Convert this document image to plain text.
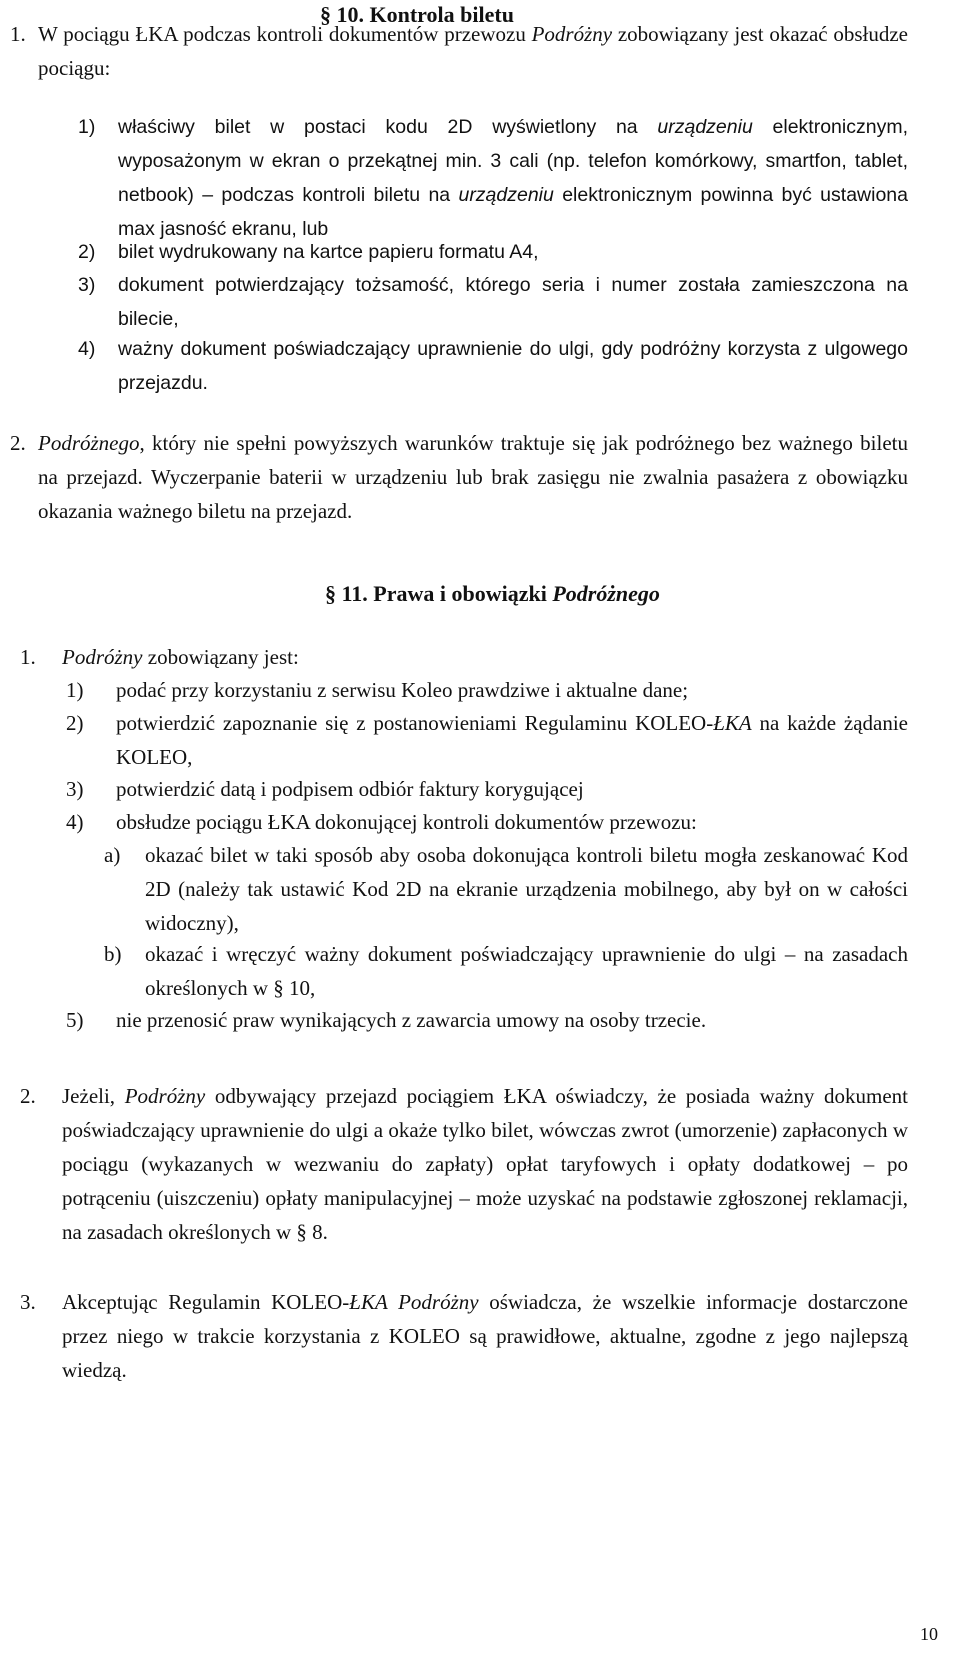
§ 10. Kontrola biletu
1. W pociągu ŁKA podczas kontroli dokumentów przewozu Podróżny zobowiązany jest okazać obsłudze pociągu:
1) właściwy bilet w postaci kodu 2D wyświetlony na urządzeniu elektronicznym, wyposażonym w ekran o przekątnej min. 3 cali (np. telefon komórkowy, smartfon, tablet, netbook) – podczas kontroli biletu na urządzeniu elektronicznym powinna być ustawiona max jasność ekranu, lub
2) bilet wydrukowany na kartce papieru formatu A4,
3) dokument potwierdzający tożsamość, którego seria i numer została zamieszczona na bilecie,
4) ważny dokument poświadczający uprawnienie do ulgi, gdy podróżny korzysta z ulgowego przejazdu.
2. Podróżnego, który nie spełni powyższych warunków traktuje się jak podróżnego bez ważnego biletu na przejazd. Wyczerpanie baterii w urządzeniu lub brak zasięgu nie zwalnia pasażera z obowiązku okazania ważnego biletu na przejazd.
§ 11. Prawa i obowiązki Podróżnego
1. Podróżny zobowiązany jest:
1) podać przy korzystaniu z serwisu Koleo prawdziwe i aktualne dane;
2) potwierdzić zapoznanie się z postanowieniami Regulaminu KOLEO-ŁKA na każde żądanie KOLEO,
3) potwierdzić datą i podpisem odbiór faktury korygującej
4) obsłudze pociągu ŁKA dokonującej kontroli dokumentów przewozu:
a) okazać bilet w taki sposób aby osoba dokonująca kontroli biletu mogła zeskanować Kod 2D (należy tak ustawić Kod 2D na ekranie urządzenia mobilnego, aby był on w całości widoczny),
b) okazać i wręczyć ważny dokument poświadczający uprawnienie do ulgi – na zasadach określonych w § 10,
5) nie przenosić praw wynikających z zawarcia umowy na osoby trzecie.
2. Jeżeli, Podróżny odbywający przejazd pociągiem ŁKA oświadczy, że posiada ważny dokument poświadczający uprawnienie do ulgi a okaże tylko bilet, wówczas zwrot (umorzenie) zapłaconych w pociągu (wykazanych w wezwaniu do zapłaty) opłat taryfowych i opłaty dodatkowej – po potrąceniu (uiszczeniu) opłaty manipulacyjnej – może uzyskać na podstawie zgłoszonej reklamacji, na zasadach określonych w § 8.
3. Akceptując Regulamin KOLEO-ŁKA Podróżny oświadcza, że wszelkie informacje dostarczone przez niego w trakcie korzystania z KOLEO są prawidłowe, aktualne, zgodne z jego najlepszą wiedzą.
10
